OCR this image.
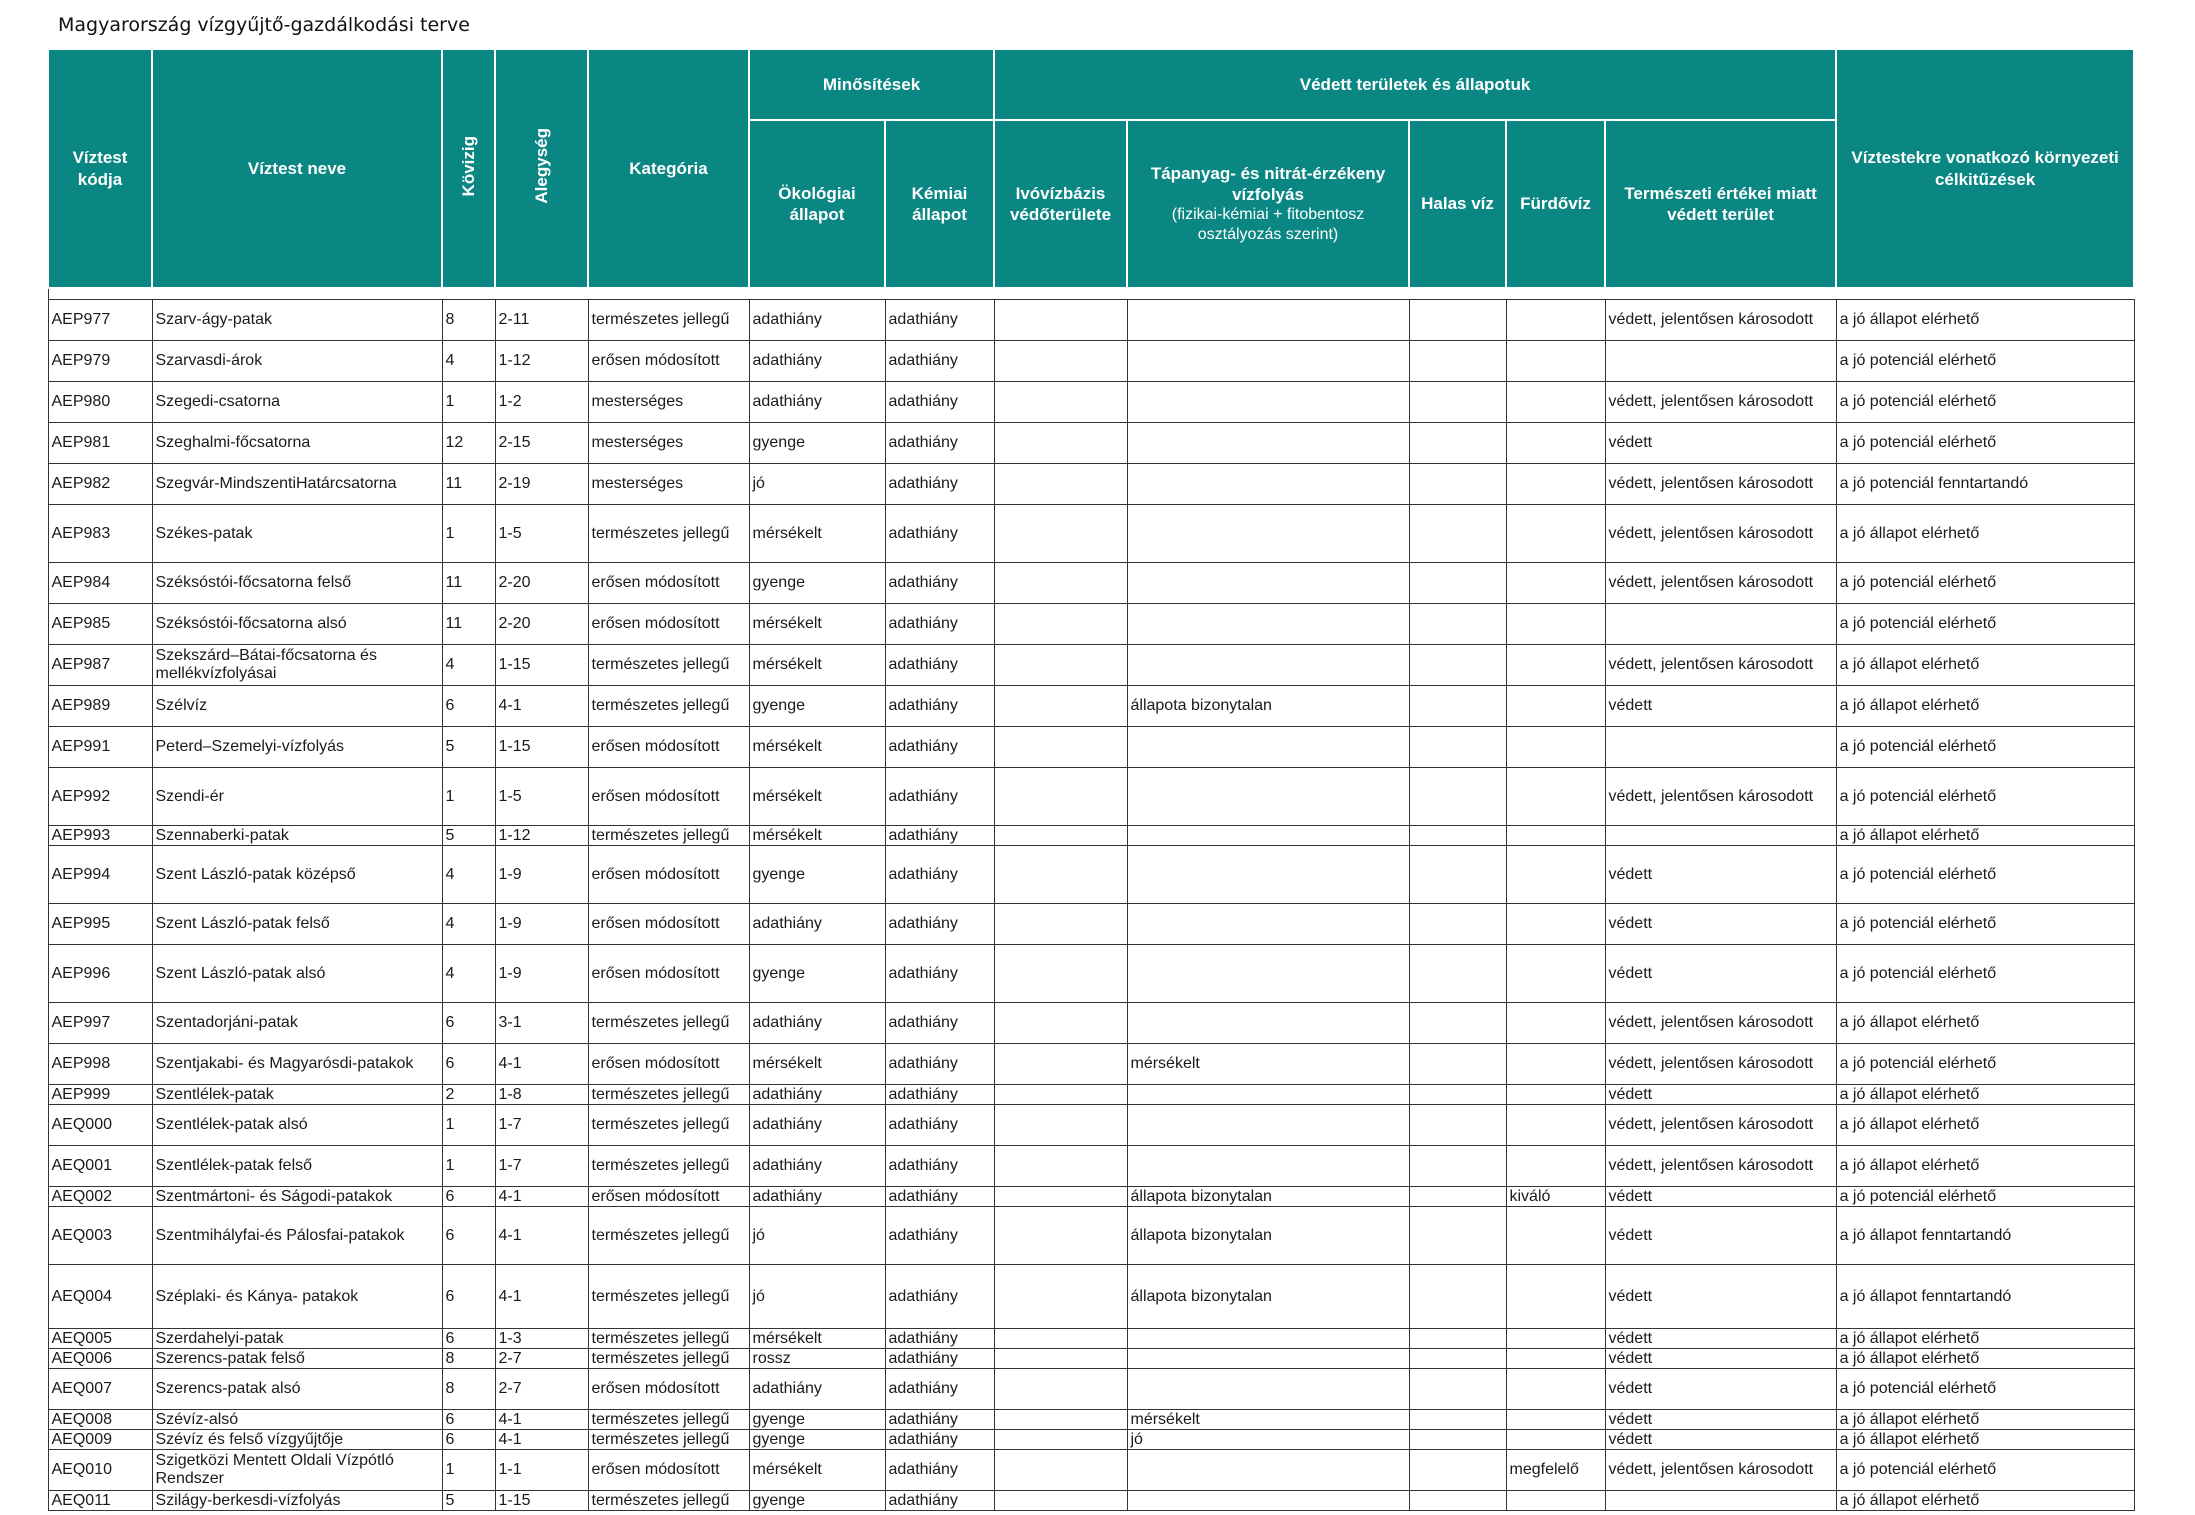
Magyarország vízgyűjtő-gazdálkodási terve
Víztest kódja	Víztest neve	Kövizig	Alegység	Kategória	Minősítések		Védett területek és állapotuk					Víztestekre vonatkozó környezeti célkitűzések
					Ökológiai állapot	Kémiai állapot	Ivóvízbázis védőterülete	Tápanyag- és nitrát-érzékeny vízfolyás
(fizikai-kémiai + fitobentosz osztályozás szerint)	Halas víz	Fürdővíz	Természeti értékei miatt védett terület	

AEP977	Szarv-ágy-patak	8	2-11	természetes jellegű	adathiány	adathiány					védett, jelentősen károsodott	a jó állapot elérhető
AEP979	Szarvasdi-árok	4	1-12	erősen módosított	adathiány	adathiány						a jó potenciál elérhető
AEP980	Szegedi-csatorna	1	1-2	mesterséges	adathiány	adathiány					védett, jelentősen károsodott	a jó potenciál elérhető
AEP981	Szeghalmi-főcsatorna	12	2-15	mesterséges	gyenge	adathiány					védett	a jó potenciál elérhető
AEP982	Szegvár-MindszentiHatárcsatorna	11	2-19	mesterséges	jó	adathiány					védett, jelentősen károsodott	a jó potenciál fenntartandó
AEP983	Székes-patak	1	1-5	természetes jellegű	mérsékelt	adathiány					védett, jelentősen károsodott	a jó állapot elérhető
AEP984	Széksóstói-főcsatorna felső	11	2-20	erősen módosított	gyenge	adathiány					védett, jelentősen károsodott	a jó potenciál elérhető
AEP985	Széksóstói-főcsatorna alsó	11	2-20	erősen módosított	mérsékelt	adathiány						a jó potenciál elérhető
AEP987	Szekszárd–Bátai-főcsatorna és mellékvízfolyásai	4	1-15	természetes jellegű	mérsékelt	adathiány					védett, jelentősen károsodott	a jó állapot elérhető
AEP989	Szélvíz	6	4-1	természetes jellegű	gyenge	adathiány		állapota bizonytalan			védett	a jó állapot elérhető
AEP991	Peterd–Szemelyi-vízfolyás	5	1-15	erősen módosított	mérsékelt	adathiány						a jó potenciál elérhető
AEP992	Szendi-ér	1	1-5	erősen módosított	mérsékelt	adathiány					védett, jelentősen károsodott	a jó potenciál elérhető
AEP993	Szennaberki-patak	5	1-12	természetes jellegű	mérsékelt	adathiány						a jó állapot elérhető
AEP994	Szent László-patak középső	4	1-9	erősen módosított	gyenge	adathiány					védett	a jó potenciál elérhető
AEP995	Szent László-patak felső	4	1-9	erősen módosított	adathiány	adathiány					védett	a jó potenciál elérhető
AEP996	Szent László-patak alsó	4	1-9	erősen módosított	gyenge	adathiány					védett	a jó potenciál elérhető
AEP997	Szentadorjáni-patak	6	3-1	természetes jellegű	adathiány	adathiány					védett, jelentősen károsodott	a jó állapot elérhető
AEP998	Szentjakabi- és Magyarósdi-patakok	6	4-1	erősen módosított	mérsékelt	adathiány		mérsékelt			védett, jelentősen károsodott	a jó potenciál elérhető
AEP999	Szentlélek-patak	2	1-8	természetes jellegű	adathiány	adathiány					védett	a jó állapot elérhető
AEQ000	Szentlélek-patak alsó	1	1-7	természetes jellegű	adathiány	adathiány					védett, jelentősen károsodott	a jó állapot elérhető
AEQ001	Szentlélek-patak felső	1	1-7	természetes jellegű	adathiány	adathiány					védett, jelentősen károsodott	a jó állapot elérhető
AEQ002	Szentmártoni- és Ságodi-patakok	6	4-1	erősen módosított	adathiány	adathiány		állapota bizonytalan		kiváló	védett	a jó potenciál elérhető
AEQ003	Szentmihályfai-és Pálosfai-patakok	6	4-1	természetes jellegű	jó	adathiány		állapota bizonytalan			védett	a jó állapot fenntartandó
AEQ004	Széplaki- és Kánya- patakok	6	4-1	természetes jellegű	jó	adathiány		állapota bizonytalan			védett	a jó állapot fenntartandó
AEQ005	Szerdahelyi-patak	6	1-3	természetes jellegű	mérsékelt	adathiány					védett	a jó állapot elérhető
AEQ006	Szerencs-patak felső	8	2-7	természetes jellegű	rossz	adathiány					védett	a jó állapot elérhető
AEQ007	Szerencs-patak alsó	8	2-7	erősen módosított	adathiány	adathiány					védett	a jó potenciál elérhető
AEQ008	Szévíz-alsó	6	4-1	természetes jellegű	gyenge	adathiány		mérsékelt			védett	a jó állapot elérhető
AEQ009	Szévíz és felső vízgyűjtője	6	4-1	természetes jellegű	gyenge	adathiány		jó			védett	a jó állapot elérhető
AEQ010	Szigetközi Mentett Oldali Vízpótló Rendszer	1	1-1	erősen módosított	mérsékelt	adathiány				megfelelő	védett, jelentősen károsodott	a jó potenciál elérhető
AEQ011	Szilágy-berkesdi-vízfolyás	5	1-15	természetes jellegű	gyenge	adathiány						a jó állapot elérhető
